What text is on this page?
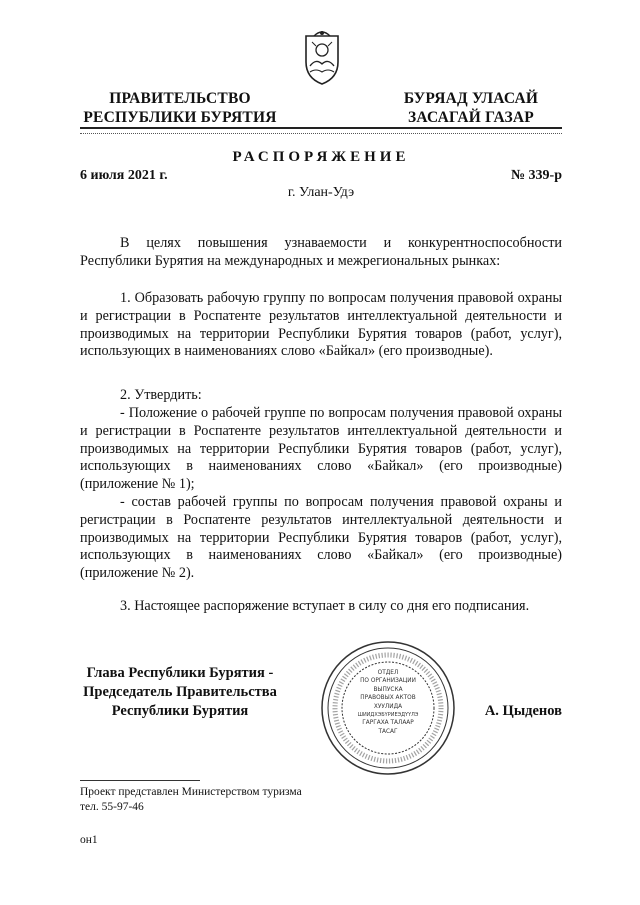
ПРАВИТЕЛЬСТВО
РЕСПУБЛИКИ БУРЯТИЯ
БУРЯАД УЛАСАЙ
ЗАСАГАЙ ГАЗАР
РАСПОРЯЖЕНИЕ
6 июля 2021 г.	№ 339-р
г. Улан-Удэ
В целях повышения узнаваемости и конкурентноспособности Республики Бурятия на международных и межрегиональных рынках:
1. Образовать рабочую группу по вопросам получения правовой охраны и регистрации в Роспатенте результатов интеллектуальной деятельности и производимых на территории Республики Бурятия товаров (работ, услуг), использующих в наименованиях слово «Байкал» (его производные).
2. Утвердить:
- Положение о рабочей группе по вопросам получения правовой охраны и регистрации в Роспатенте результатов интеллектуальной деятельности и производимых на территории Республики Бурятия товаров (работ, услуг), использующих в наименованиях слово «Байкал» (его производные) (приложение № 1);
- состав рабочей группы по вопросам получения правовой охраны и регистрации в Роспатенте результатов интеллектуальной деятельности и производимых на территории Республики Бурятия товаров (работ, услуг), использующих в наименованиях слово «Байкал» (его производные) (приложение № 2).
3. Настоящее распоряжение вступает в силу со дня его подписания.
Глава Республики Бурятия -
Председатель Правительства
Республики Бурятия	А. Цыденов
ОТДЕЛ
ПО ОРГАНИЗАЦИИ
ВЫПУСКА
ПРАВОВЫХ АКТОВ
ХУУЛИДА
ШИИДХЭБҮРИЕЭДҮҮЛЭ
ГАРГАХА ТАЛААР
ТАСАГ
Проект представлен Министерством туризма
тел. 55-97-46
он1
